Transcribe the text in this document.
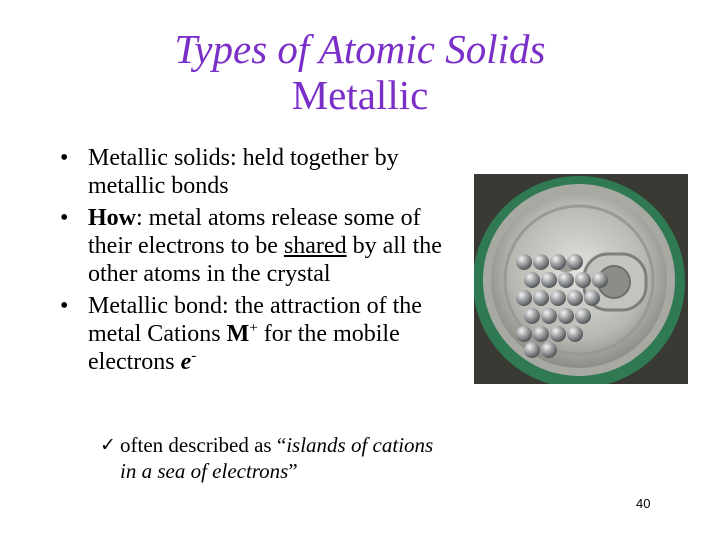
Types of Atomic Solids
Metallic
• Metallic solids: held together by metallic bonds
• How: metal atoms release some of their electrons to be shared by all the other atoms in the crystal
• Metallic bond: the attraction of the metal Cations M+ for the mobile electrons e-
✓ often described as “islands of cations in a sea of electrons”
40
